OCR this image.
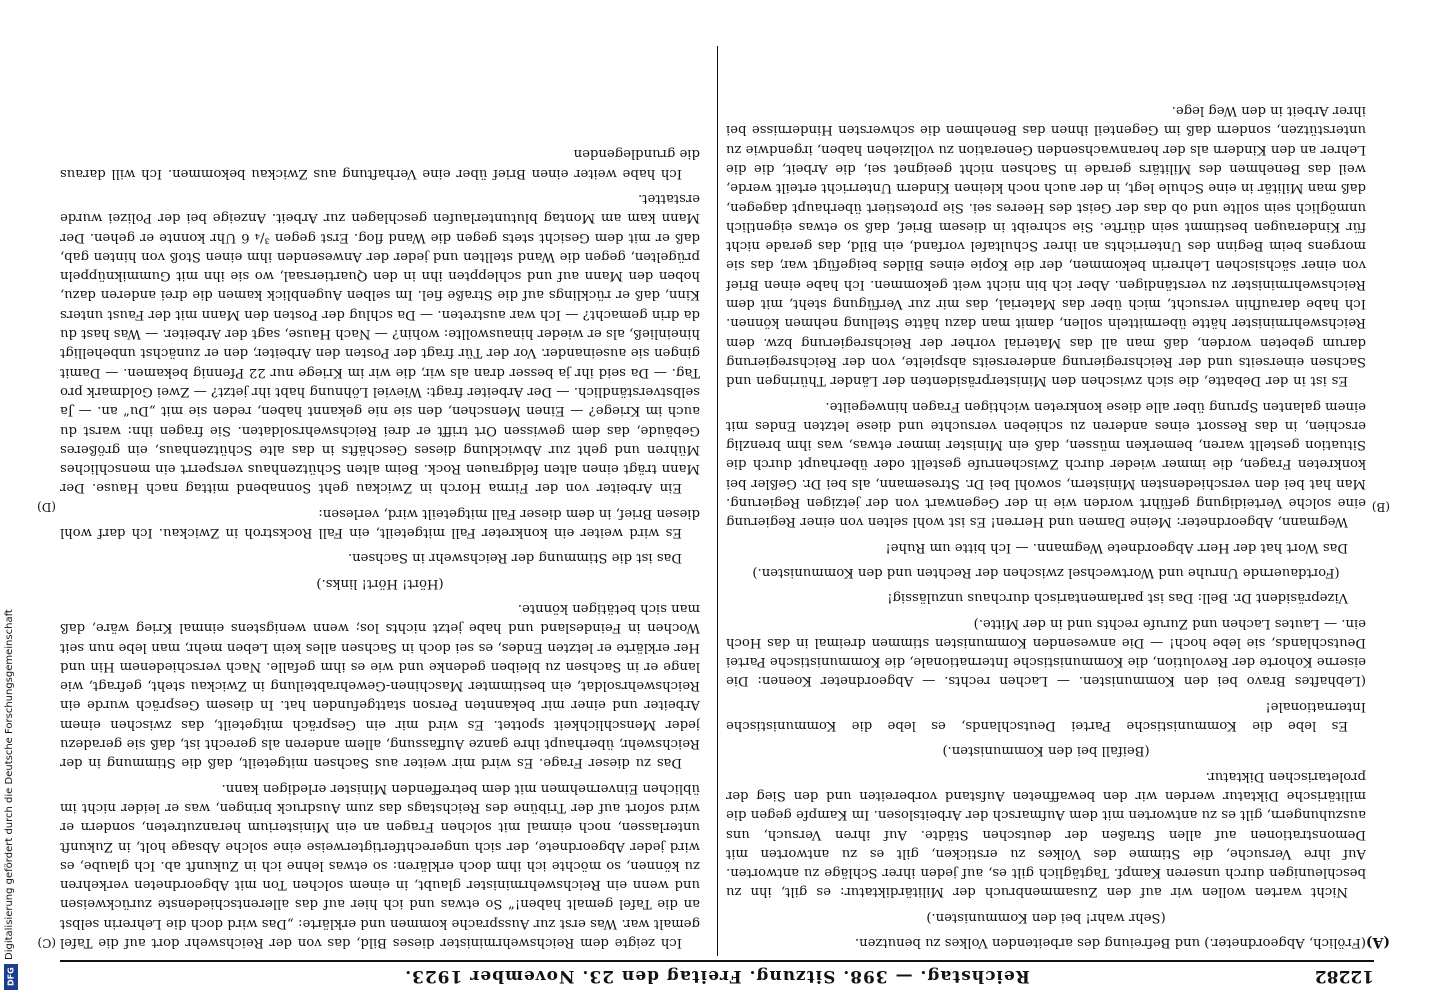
12282
Reichstag. — 398. Sitzung. Freitag den 23. November 1923.
(A)
(B)
(C)
(D)

(Frölich, Abgeordneter.) und Befreiung des arbeitenden Volkes zu benutzen.

(Sehr wahr! bei den Kommunisten.)

Nicht warten wollen wir auf den Zusammenbruch der Militärdiktatur: es gilt, ihn zu beschleunigen durch unseren Kampf. Tagtäglich gilt es, auf jeden ihrer Schläge zu antworten. Auf ihre Versuche, die Stimme des Volkes zu ersticken, gilt es zu antworten mit Demonstrationen auf allen Straßen der deutschen Städte. Auf ihren Versuch, uns auszuhungern, gilt es zu antworten mit dem Aufmarsch der Arbeitslosen. Im Kampfe gegen die militärische Diktatur werden wir den bewaffneten Aufstand vorbereiten und den Sieg der proletarischen Diktatur.

(Beifall bei den Kommunisten.)

Es lebe die Kommunistische Partei Deutschlands, es lebe die Kommunistische Internationale!

(Lebhaftes Bravo bei den Kommunisten. — Lachen rechts. — Abgeordneter Koenen: Die eiserne Kohorte der Revolution, die Kommunistische Internationale, die Kommunistische Partei Deutschlands, sie lebe hoch! — Die anwesenden Kommunisten stimmen dreimal in das Hoch ein. — Lautes Lachen und Zurufe rechts und in der Mitte.)

Vizepräsident Dr. Bell: Das ist parlamentarisch durchaus unzulässig!

(Fortdauernde Unruhe und Wortwechsel zwischen der Rechten und den Kommunisten.)

Das Wort hat der Herr Abgeordnete Wegmann. — Ich bitte um Ruhe!

Wegmann, Abgeordneter: Meine Damen und Herren! Es ist wohl selten von einer Regierung eine solche Verteidigung geführt worden wie in der Gegenwart von der jetzigen Regierung. Man hat bei den verschiedensten Ministern, sowohl bei Dr. Stresemann, als bei Dr. Geßler bei konkreten Fragen, die immer wieder durch Zwischenrufe gestellt oder überhaupt durch die Situation gestellt waren, bemerken müssen, daß ein Minister immer etwas, was ihm brenzlig erschien, in das Ressort eines anderen zu schieben versuchte und diese letzten Endes mit einem galanten Sprung über alle diese konkreten wichtigen Fragen hinwegeilte.

Es ist in der Debatte, die sich zwischen den Ministerpräsidenten der Länder Thüringen und Sachsen einerseits und der Reichsregierung andererseits abspielte, von der Reichsregierung darum gebeten worden, daß man all das Material vorher der Reichsregierung bzw. dem Reichswehrminister hätte übermitteln sollen, damit man dazu hätte Stellung nehmen können. Ich habe daraufhin versucht, mich über das Material, das mir zur Verfügung steht, mit dem Reichswehrminister zu verständigen. Aber ich bin nicht weit gekommen. Ich habe einen Brief von einer sächsischen Lehrerin bekommen, der die Kopie eines Bildes beigefügt war, das sie morgens beim Beginn des Unterrichts an ihrer Schultafel vorfand, ein Bild, das gerade nicht für Kinderaugen bestimmt sein dürfte. Sie schreibt in diesem Brief, daß so etwas eigentlich unmöglich sein sollte und ob das der Geist des Heeres sei. Sie protestiert überhaupt dagegen, daß man Militär in eine Schule legt, in der auch noch kleinen Kindern Unterricht erteilt werde, weil das Benehmen des Militärs gerade in Sachsen nicht geeignet sei, die Arbeit, die die Lehrer an den Kindern als der heranwachsenden Generation zu vollziehen haben, irgendwie zu unterstützen, sondern daß im Gegenteil ihnen das Benehmen die schwersten Hindernisse bei ihrer Arbeit in den Weg lege.

Ich zeigte dem Reichswehrminister dieses Bild, das von der Reichswehr dort auf die Tafel gemalt war. Was erst zur Aussprache kommen und erklärte: „Das wird doch die Lehrerin selbst an die Tafel gemalt haben!“ So etwas und ich hier auf das allerentschiedenste zurückweisen und wenn ein Reichswehrminister glaubt, in einem solchen Ton mit Abgeordneten verkehren zu können, so möchte ich ihm doch erklären: so etwas lehne ich in Zukunft ab. Ich glaube, es wird jeder Abgeordnete, der sich ungerechtfertigterweise eine solche Absage holt, in Zukunft unterlassen, noch einmal mit solchen Fragen an ein Ministerium heranzutreten, sondern er wird sofort auf der Tribüne des Reichstags das zum Ausdruck bringen, was er leider nicht im üblichen Einvernehmen mit dem betreffenden Minister erledigen kann.

Das zu dieser Frage. Es wird mir weiter aus Sachsen mitgeteilt, daß die Stimmung in der Reichswehr, überhaupt ihre ganze Auffassung, allem anderen als gerecht ist, daß sie geradezu jeder Menschlichkeit spottet. Es wird mir ein Gespräch mitgeteilt, das zwischen einem Arbeiter und einer mir bekannten Person stattgefunden hat. In diesem Gespräch wurde ein Reichswehrsoldat, ein bestimmter Maschinen-Gewehrabteilung in Zwickau steht, gefragt, wie lange er in Sachsen zu bleiben gedenke und wie es ihm gefalle. Nach verschiedenem Hin und Her erklärte er letzten Endes, es sei doch in Sachsen alles kein Leben mehr, man lebe nun seit Wochen in Feindesland und habe jetzt nichts los; wenn wenigstens einmal Krieg wäre, daß man sich betätigen könnte.

(Hört! Hört! links.)

Das ist die Stimmung der Reichswehr in Sachsen.

Es wird weiter ein konkreter Fall mitgeteilt, ein Fall Rockstroh in Zwickau. Ich darf wohl diesen Brief, in dem dieser Fall mitgeteilt wird, verlesen:

Ein Arbeiter von der Firma Horch in Zwickau geht Sonnabend mittag nach Hause. Der Mann trägt einen alten feldgrauen Rock. Beim alten Schützenhaus versperrt ein menschliches Mühren und geht zur Abwicklung dieses Geschäfts in das alte Schützenhaus, ein größeres Gebäude, das dem gewissen Ort trifft er drei Reichswehrsoldaten. Sie fragen ihn: warst du auch im Kriege? — Einen Menschen, den sie nie gekannt haben, reden sie mit „Du“ an. — Ja selbstverständlich. — Der Arbeiter fragt: Wieviel Löhnung habt ihr jetzt? — Zwei Goldmark pro Tag. — Da seid ihr ja besser dran als wir, die wir im Kriege nur 22 Pfennig bekamen. — Damit gingen sie auseinander. Vor der Tür fragt der Posten den Arbeiter, den er zunächst unbehelligt hineinließ, als er wieder hinauswollte: wohin? — Nach Hause, sagt der Arbeiter. — Was hast du da drin gemacht? — Ich war austreten. — Da schlug der Posten den Mann mit der Faust unters Kinn, daß er rücklings auf die Straße fiel. Im selben Augenblick kamen die drei anderen dazu, hoben den Mann auf und schleppten ihn in den Quartiersaal, wo sie ihn mit Gummiknüppeln prügelten, gegen die Wand stellten und jeder der Anwesenden ihm einen Stoß von hinten gab, daß er mit dem Gesicht stets gegen die Wand flog. Erst gegen ³/₄ 6 Uhr konnte er gehen. Der Mann kam am Montag blutunterlaufen geschlagen zur Arbeit. Anzeige bei der Polizei wurde erstattet.

Ich habe weiter einen Brief über eine Verhaftung aus Zwickau bekommen. Ich will daraus die grundlegenden

Digitalisierung gefördert durch die Deutsche Forschungsgemeinschaft
DFG
